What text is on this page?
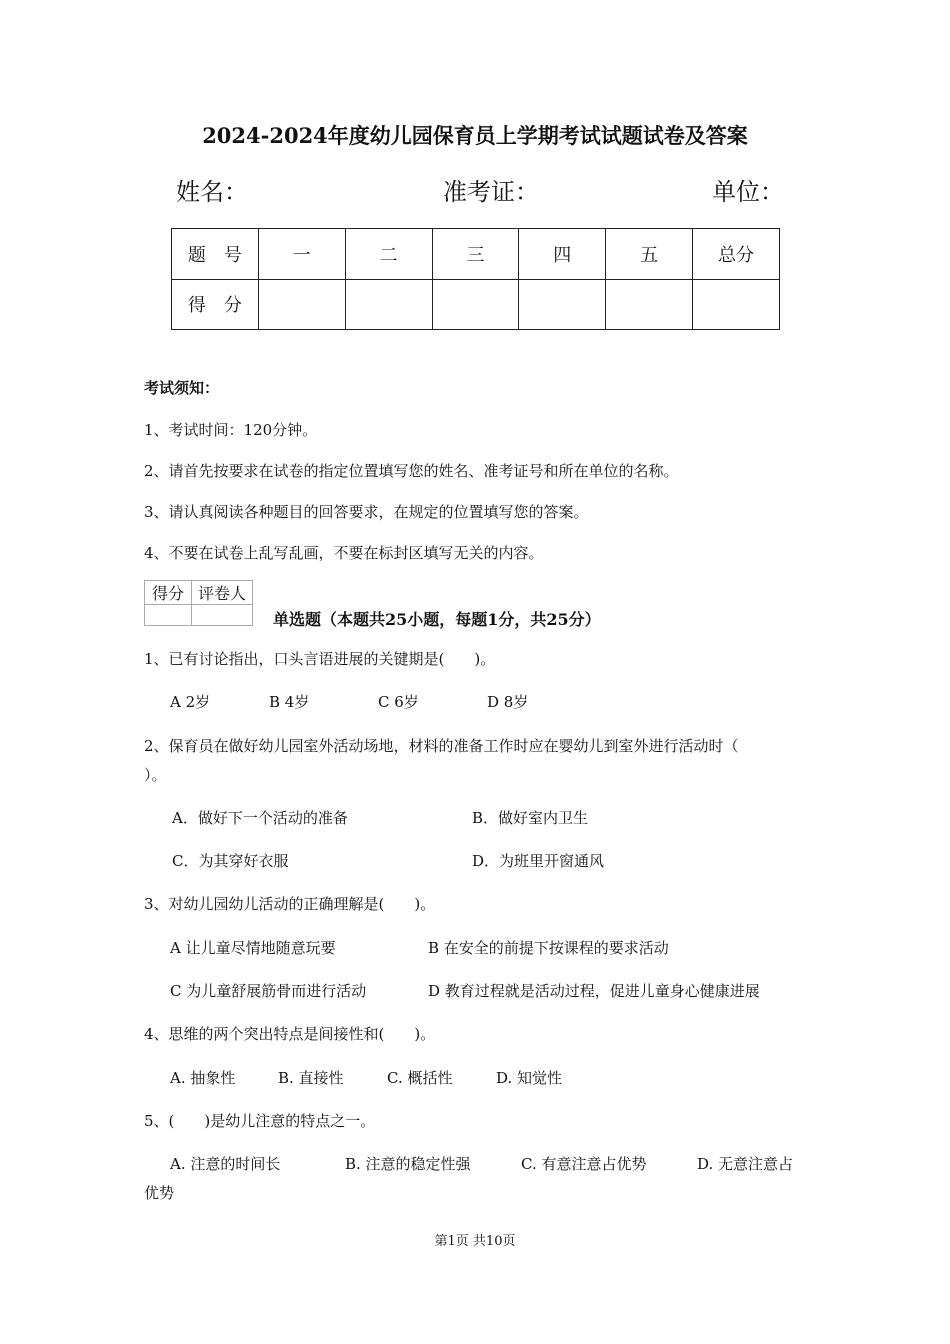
2024-2024年度幼儿园保育员上学期考试试题试卷及答案
姓名：	准考证：	单位：
题　号	一	二	三	四	五	总分
得　分						
考试须知：
1、考试时间：120分钟。
2、请首先按要求在试卷的指定位置填写您的姓名、准考证号和所在单位的名称。
3、请认真阅读各种题目的回答要求，在规定的位置填写您的答案。
4、不要在试卷上乱写乱画，不要在标封区填写无关的内容。
得分	评卷人

单选题（本题共25小题，每题1分，共25分）
1、已有讨论指出，口头言语进展的关键期是(　　)。
A 2岁	B 4岁	C 6岁	D 8岁
2、保育员在做好幼儿园室外活动场地，材料的准备工作时应在婴幼儿到室外进行活动时（
）。
A．做好下一个活动的准备	B．做好室内卫生
C．为其穿好衣服	D．为班里开窗通风
3、对幼儿园幼儿活动的正确理解是(　　)。
A 让儿童尽情地随意玩要	B 在安全的前提下按课程的要求活动
C 为儿童舒展筋骨而进行活动	D 教育过程就是活动过程，促进儿童身心健康进展
4、思维的两个突出特点是间接性和(　　)。
A. 抽象性	B. 直接性	C. 概括性	D. 知觉性
5、(　　)是幼儿注意的特点之一。
A. 注意的时间长	B. 注意的稳定性强	C. 有意注意占优势	D. 无意注意占
优势
第1页 共10页
